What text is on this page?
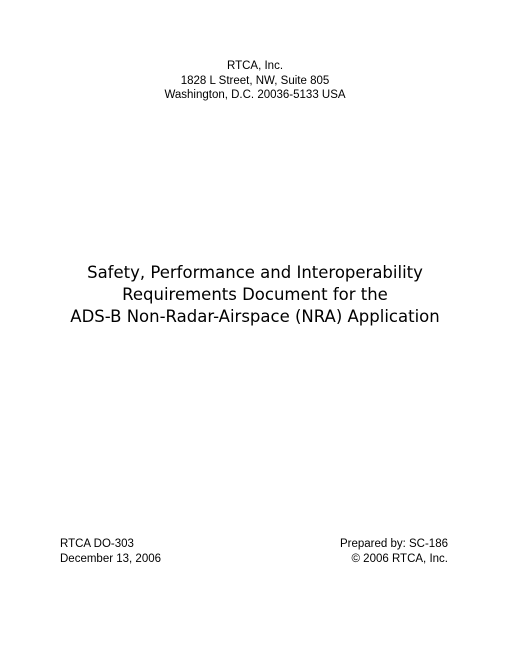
RTCA, Inc.
1828 L Street, NW, Suite 805
Washington, D.C. 20036-5133 USA
Safety, Performance and Interoperability
Requirements Document for the
ADS-B Non-Radar-Airspace (NRA) Application
RTCA DO-303
December 13, 2006
Prepared by: SC-186
© 2006 RTCA, Inc.
